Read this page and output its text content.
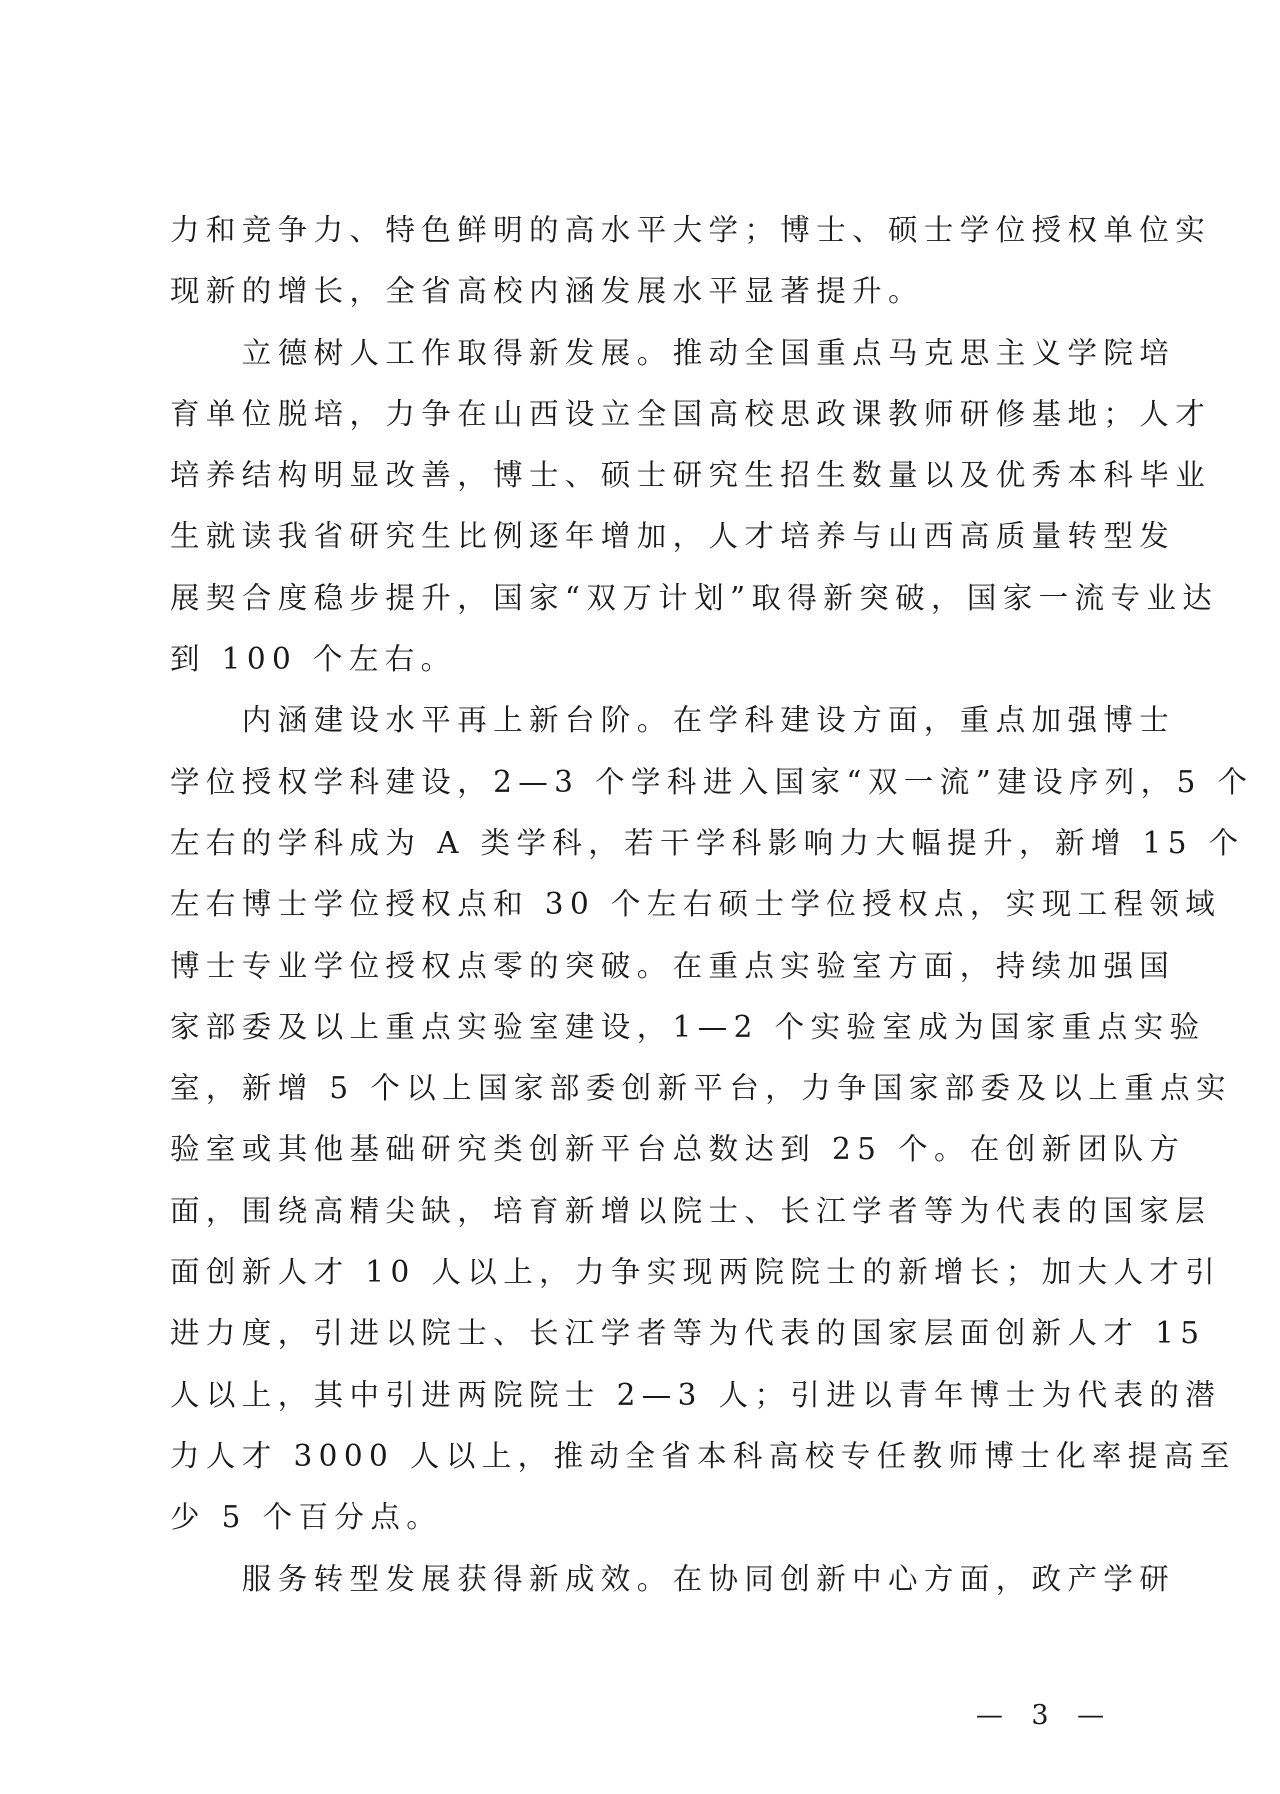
力和竞争力、特色鲜明的高水平大学；博士、硕士学位授权单位实
现新的增长，全省高校内涵发展水平显著提升。
　　立德树人工作取得新发展。推动全国重点马克思主义学院培
育单位脱培，力争在山西设立全国高校思政课教师研修基地；人才
培养结构明显改善，博士、硕士研究生招生数量以及优秀本科毕业
生就读我省研究生比例逐年增加，人才培养与山西高质量转型发
展契合度稳步提升，国家“双万计划”取得新突破，国家一流专业达
到 100 个左右。
　　内涵建设水平再上新台阶。在学科建设方面，重点加强博士
学位授权学科建设，2—3 个学科进入国家“双一流”建设序列，5 个
左右的学科成为 A 类学科，若干学科影响力大幅提升，新增 15 个
左右博士学位授权点和 30 个左右硕士学位授权点，实现工程领域
博士专业学位授权点零的突破。在重点实验室方面，持续加强国
家部委及以上重点实验室建设，1—2 个实验室成为国家重点实验
室，新增 5 个以上国家部委创新平台，力争国家部委及以上重点实
验室或其他基础研究类创新平台总数达到 25 个。在创新团队方
面，围绕高精尖缺，培育新增以院士、长江学者等为代表的国家层
面创新人才 10 人以上，力争实现两院院士的新增长；加大人才引
进力度，引进以院士、长江学者等为代表的国家层面创新人才 15
人以上，其中引进两院院士 2—3 人；引进以青年博士为代表的潜
力人才 3000 人以上，推动全省本科高校专任教师博士化率提高至
少 5 个百分点。
　　服务转型发展获得新成效。在协同创新中心方面，政产学研
— 3 —
